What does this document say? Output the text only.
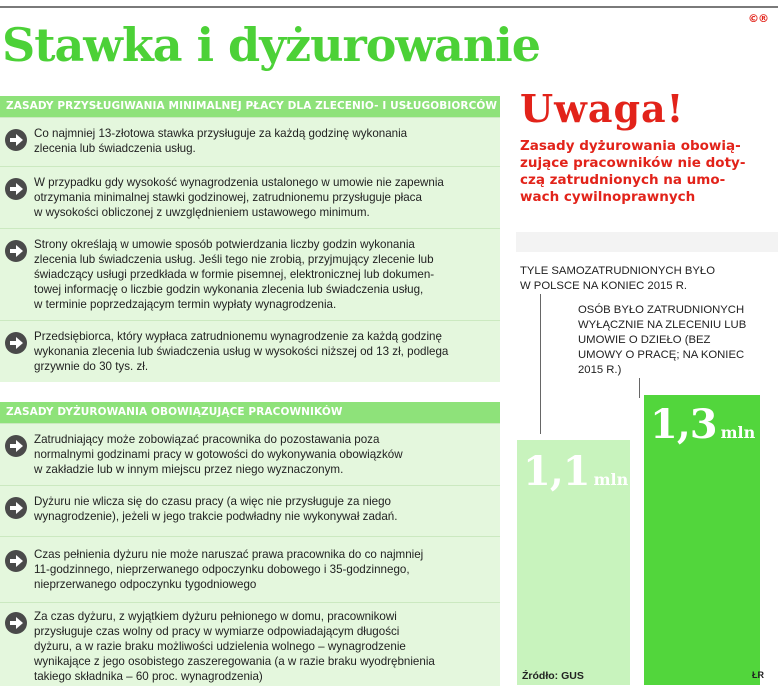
©®
Stawka i dyżurowanie
ZASADY PRZYSŁUGIWANIA MINIMALNEJ PŁACY DLA ZLECENIO- I USŁUGOBIORCÓW
Co najmniej 13-złotowa stawka przysługuje za każdą godzinę wykonania
zlecenia lub świadczenia usług.
W przypadku gdy wysokość wynagrodzenia ustalonego w umowie nie zapewnia
otrzymania minimalnej stawki godzinowej, zatrudnionemu przysługuje płaca
w wysokości obliczonej z uwzględnieniem ustawowego minimum.
Strony określają w umowie sposób potwierdzania liczby godzin wykonania
zlecenia lub świadczenia usług. Jeśli tego nie zrobią, przyjmujący zlecenie lub
świadczący usługi przedkłada w formie pisemnej, elektronicznej lub dokumen-
towej informację o liczbie godzin wykonania zlecenia lub świadczenia usług,
w terminie poprzedzającym termin wypłaty wynagrodzenia.
Przedsiębiorca, który wypłaca zatrudnionemu wynagrodzenie za każdą godzinę
wykonania zlecenia lub świadczenia usług w wysokości niższej od 13 zł, podlega
grzywnie do 30 tys. zł.
ZASADY DYŻUROWANIA OBOWIĄZUJĄCE PRACOWNIKÓW
Zatrudniający może zobowiązać pracownika do pozostawania poza
normalnymi godzinami pracy w gotowości do wykonywania obowiązków
w zakładzie lub w innym miejscu przez niego wyznaczonym.
Dyżuru nie wlicza się do czasu pracy (a więc nie przysługuje za niego
wynagrodzenie), jeżeli w jego trakcie podwładny nie wykonywał zadań.
Czas pełnienia dyżuru nie może naruszać prawa pracownika do co najmniej
11-godzinnego, nieprzerwanego odpoczynku dobowego i 35-godzinnego,
nieprzerwanego odpoczynku tygodniowego
Za czas dyżuru, z wyjątkiem dyżuru pełnionego w domu, pracownikowi
przysługuje czas wolny od pracy w wymiarze odpowiadającym długości
dyżuru, a w razie braku możliwości udzielenia wolnego – wynagrodzenie
wynikające z jego osobistego zaszeregowania (a w razie braku wyodrębnienia
takiego składnika – 60 proc. wynagrodzenia)
Uwaga!
Zasady dyżurowania obowią-
zujące pracowników nie doty-
czą zatrudnionych na umo-
wach cywilnoprawnych
TYLE SAMOZATRUDNIONYCH BYŁO
W POLSCE NA KONIEC 2015 R.
OSÓB BYŁO ZATRUDNIONYCH
WYŁĄCZNIE NA ZLECENIU LUB
UMOWIE O DZIEŁO (BEZ
UMOWY O PRACĘ; NA KONIEC
2015 R.)
1,1 mln
1,3 mln
Źródło: GUS	ŁR
